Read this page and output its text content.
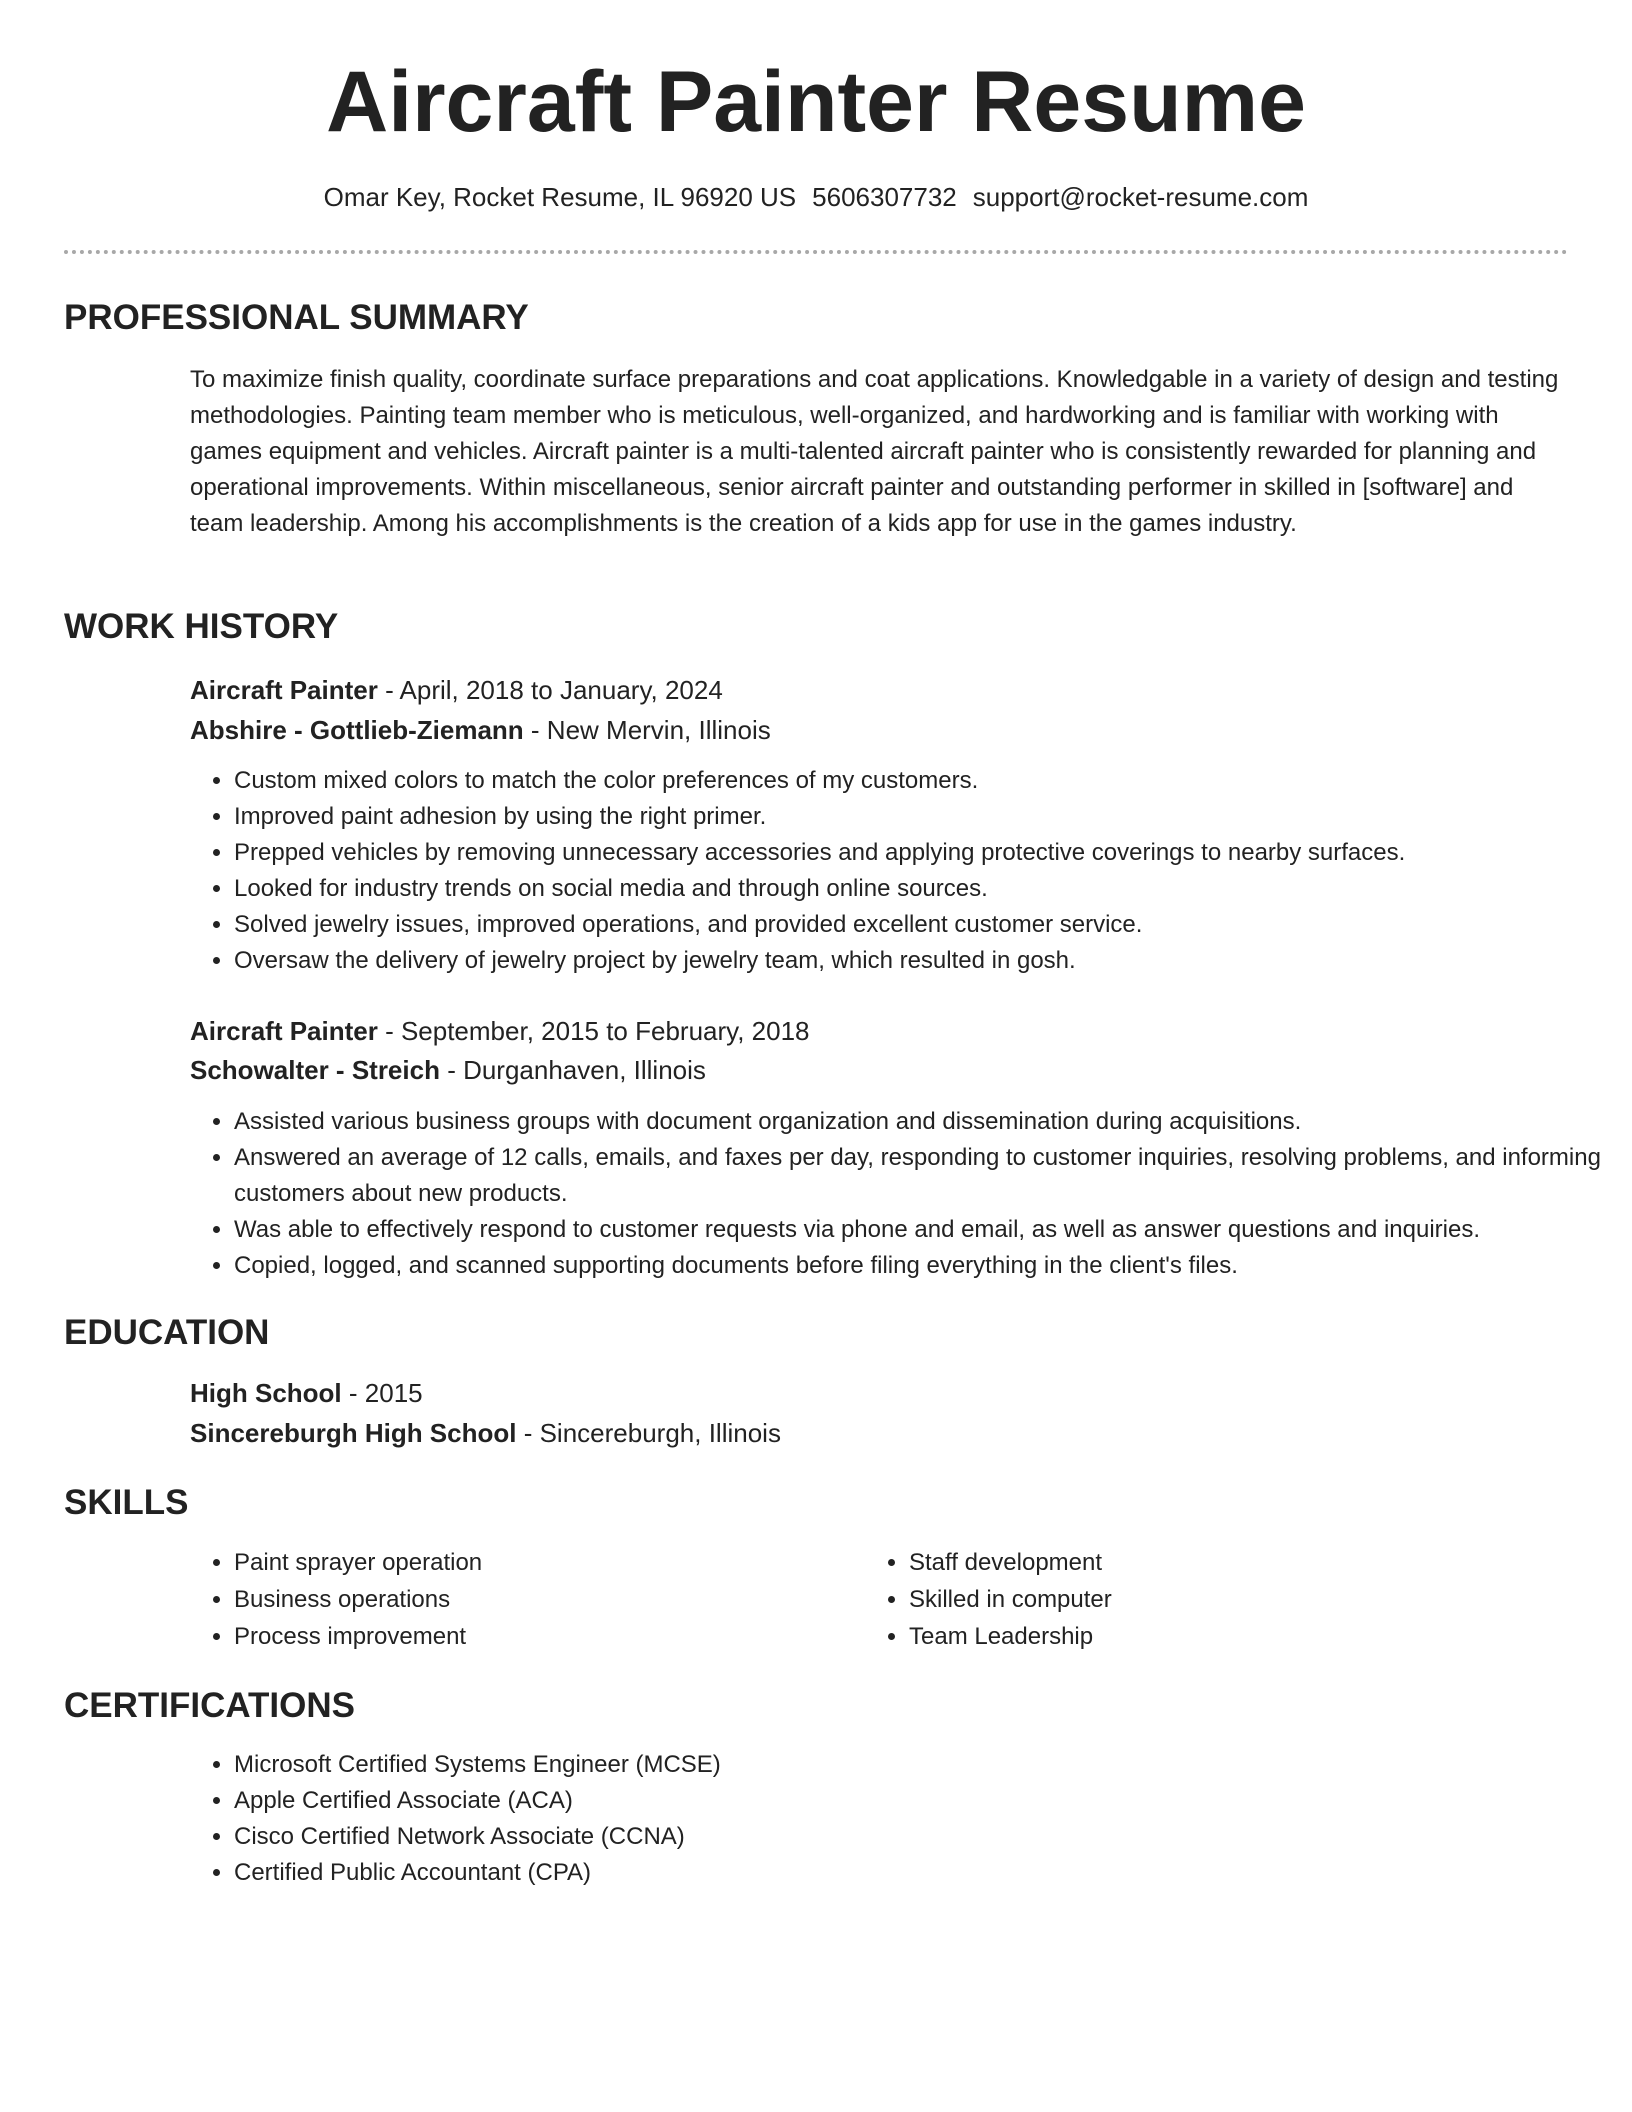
Aircraft Painter Resume
Omar Key, Rocket Resume, IL 96920 US 5606307732 support@rocket-resume.com
PROFESSIONAL SUMMARY
To maximize finish quality, coordinate surface preparations and coat applications. Knowledgable in a variety of design and testing methodologies. Painting team member who is meticulous, well-organized, and hardworking and is familiar with working with games equipment and vehicles. Aircraft painter is a multi-talented aircraft painter who is consistently rewarded for planning and operational improvements. Within miscellaneous, senior aircraft painter and outstanding performer in skilled in [software] and team leadership. Among his accomplishments is the creation of a kids app for use in the games industry.
WORK HISTORY
Aircraft Painter - April, 2018 to January, 2024
Abshire - Gottlieb-Ziemann - New Mervin, Illinois
• Custom mixed colors to match the color preferences of my customers.
• Improved paint adhesion by using the right primer.
• Prepped vehicles by removing unnecessary accessories and applying protective coverings to nearby surfaces.
• Looked for industry trends on social media and through online sources.
• Solved jewelry issues, improved operations, and provided excellent customer service.
• Oversaw the delivery of jewelry project by jewelry team, which resulted in gosh.
Aircraft Painter - September, 2015 to February, 2018
Schowalter - Streich - Durganhaven, Illinois
• Assisted various business groups with document organization and dissemination during acquisitions.
• Answered an average of 12 calls, emails, and faxes per day, responding to customer inquiries, resolving problems, and informing customers about new products.
• Was able to effectively respond to customer requests via phone and email, as well as answer questions and inquiries.
• Copied, logged, and scanned supporting documents before filing everything in the client's files.
EDUCATION
High School - 2015
Sincereburgh High School - Sincereburgh, Illinois
SKILLS
• Paint sprayer operation
• Business operations
• Process improvement
• Staff development
• Skilled in computer
• Team Leadership
CERTIFICATIONS
• Microsoft Certified Systems Engineer (MCSE)
• Apple Certified Associate (ACA)
• Cisco Certified Network Associate (CCNA)
• Certified Public Accountant (CPA)
